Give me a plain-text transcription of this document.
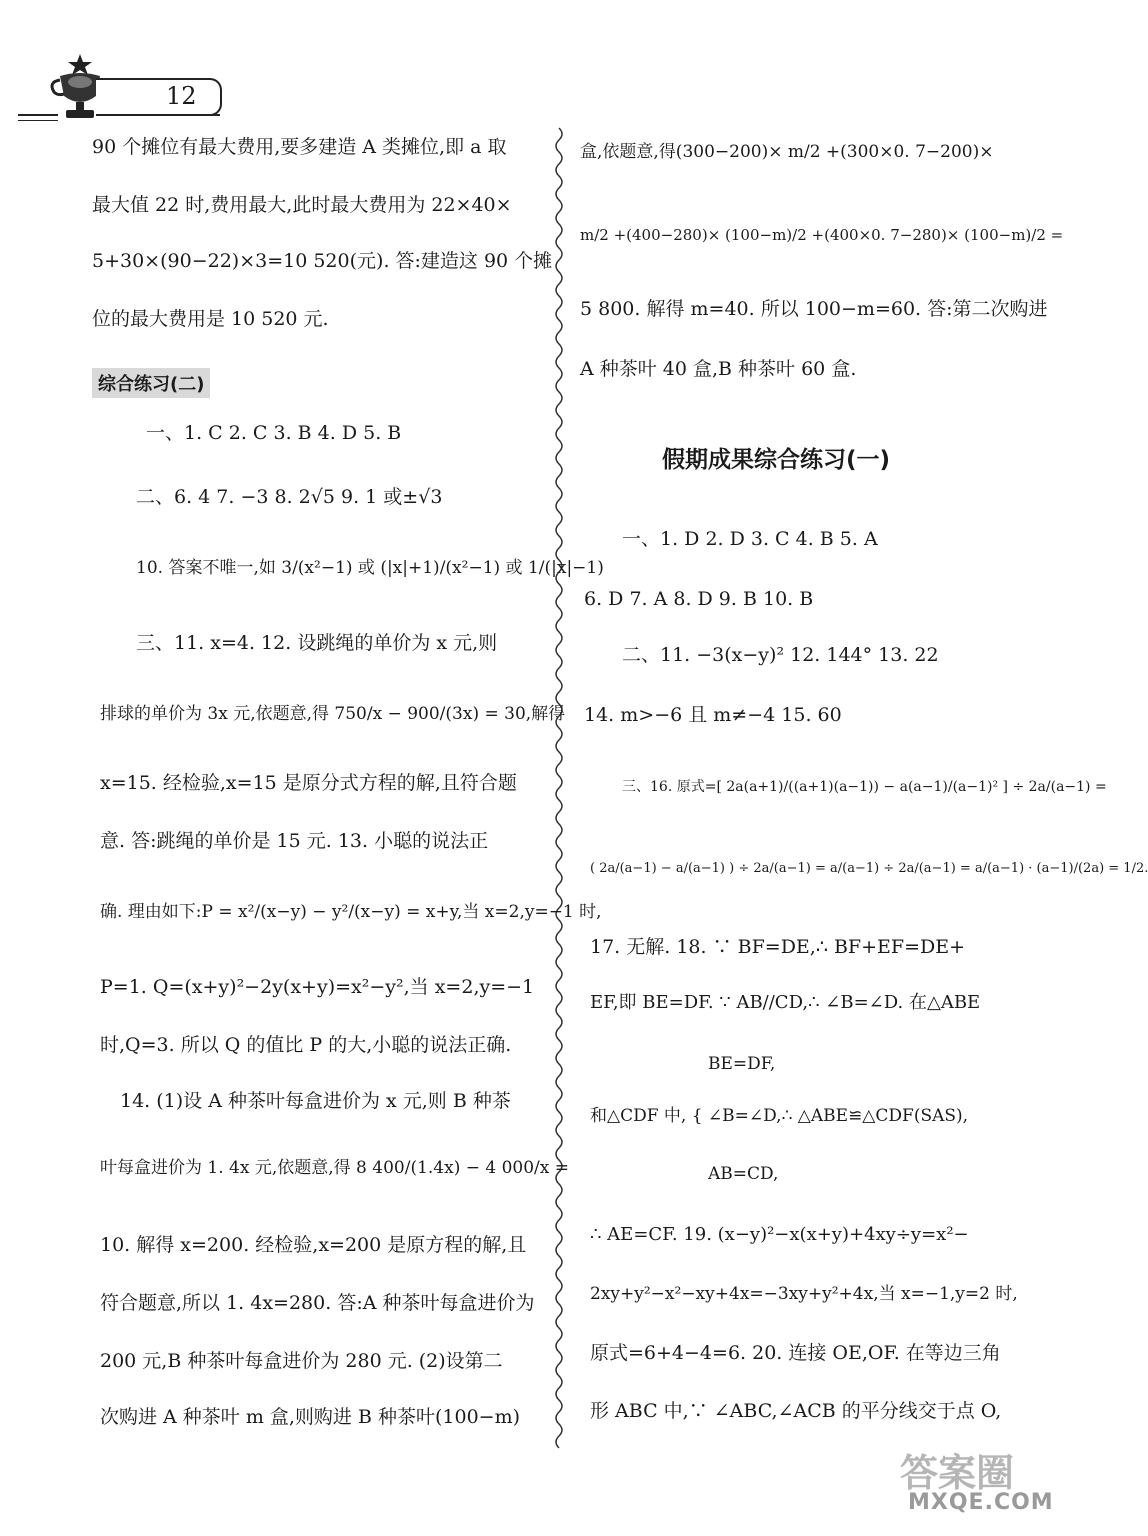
12
90 个摊位有最大费用,要多建造 A 类摊位,即 a 取
最大值 22 时,费用最大,此时最大费用为 22×40×
5+30×(90−22)×3=10 520(元). 答:建造这 90 个摊
位的最大费用是 10 520 元.
综合练习(二)
一、1. C 2. C 3. B 4. D 5. B
二、6. 4 7. −3 8. 2√5 9. 1 或±√3
10. 答案不唯一,如 3/(x²−1) 或 (|x|+1)/(x²−1) 或 1/(|x|−1)
三、11. x=4. 12. 设跳绳的单价为 x 元,则
排球的单价为 3x 元,依题意,得 750/x − 900/(3x) = 30,解得
x=15. 经检验,x=15 是原分式方程的解,且符合题
意. 答:跳绳的单价是 15 元. 13. 小聪的说法正
确. 理由如下:P = x²/(x−y) − y²/(x−y) = x+y,当 x=2,y=−1 时,
P=1. Q=(x+y)²−2y(x+y)=x²−y²,当 x=2,y=−1
时,Q=3. 所以 Q 的值比 P 的大,小聪的说法正确.
14. (1)设 A 种茶叶每盒进价为 x 元,则 B 种茶
叶每盒进价为 1. 4x 元,依题意,得 8 400/(1.4x) − 4 000/x =
10. 解得 x=200. 经检验,x=200 是原方程的解,且
符合题意,所以 1. 4x=280. 答:A 种茶叶每盒进价为
200 元,B 种茶叶每盒进价为 280 元. (2)设第二
次购进 A 种茶叶 m 盒,则购进 B 种茶叶(100−m)
盒,依题意,得(300−200)× m/2 +(300×0. 7−200)×
m/2 +(400−280)× (100−m)/2 +(400×0. 7−280)× (100−m)/2 =
5 800. 解得 m=40. 所以 100−m=60. 答:第二次购进
A 种茶叶 40 盒,B 种茶叶 60 盒.
假期成果综合练习(一)
一、1. D 2. D 3. C 4. B 5. A
6. D 7. A 8. D 9. B 10. B
二、11. −3(x−y)² 12. 144° 13. 22
14. m>−6 且 m≠−4 15. 60
三、16. 原式=[ 2a(a+1)/((a+1)(a−1)) − a(a−1)/(a−1)² ] ÷ 2a/(a−1) =
( 2a/(a−1) − a/(a−1) ) ÷ 2a/(a−1) = a/(a−1) ÷ 2a/(a−1) = a/(a−1) · (a−1)/(2a) = 1/2.
17. 无解. 18. ∵ BF=DE,∴ BF+EF=DE+
EF,即 BE=DF. ∵ AB//CD,∴ ∠B=∠D. 在△ABE
BE=DF,
和△CDF 中, { ∠B=∠D,∴ △ABE≌△CDF(SAS),
AB=CD,
∴ AE=CF. 19. (x−y)²−x(x+y)+4xy÷y=x²−
2xy+y²−x²−xy+4x=−3xy+y²+4x,当 x=−1,y=2 时,
原式=6+4−4=6. 20. 连接 OE,OF. 在等边三角
形 ABC 中,∵ ∠ABC,∠ACB 的平分线交于点 O,
答案圈
MXQE.COM
